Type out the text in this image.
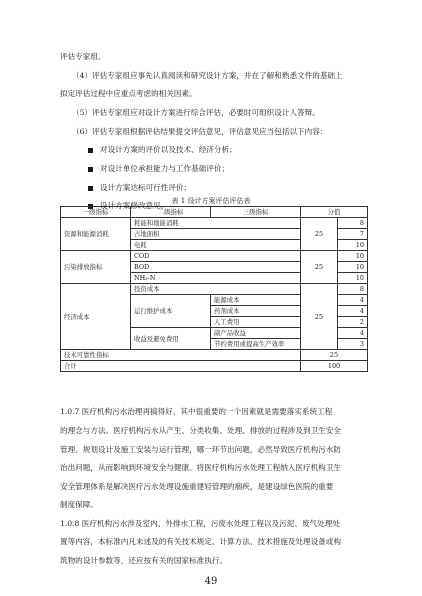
评估专家组。
（4）评估专家组应事先认真阅读和研究设计方案，并在了解和熟悉文件的基础上
拟定评估过程中应重点考虑的相关因素。
（5）评估专家组应对设计方案进行综合评估，必要时可组织设计人答辩。
（6）评估专家组根据评估结果提交评估意见，评估意见应当包括以下内容：
对设计方案的评价以及技术、经济分析；
对设计单位承担能力与工作基础评价；
设计方案达标可行性评价；
设计方案修改意见。 表 1 设计方案评估评估表
一级指标	二级指标	三级指标	分值	
资源和能源消耗	耗能和地能消耗		25	8
	占地面积			7
	电耗			10
污染排放指标	COD		25	10
	BOD			10
	NH₃-N			10
经济成本	投资成本		25	8
	运行维护成本	能源成本		4
		药剂成本		4
		人工费用		2
	收益及避免费用	副产品收益		4
		节约费用或提高生产效率		3
技术可靠性指标			25	
合计			100	
1.0.7 医疗机构污水治理再搞得好，其中很重要的一个因素就是需要落实系统工程
的理念与方法。医疗机构污水从产生、分类收集、处理、排放的过程涉及到卫生安全
管理、规划设计及施工安装与运行管理，哪一环节出问题，必然导致医疗机构污水防
治出问题，从而影响到环境安全与健康。将医疗机构污水处理工程纳入医疗机构卫生
安全管理体系是解决医疗污水处理设施重建轻管理的痼疾，是建设绿色医院的重要
制度保障。
1.0.8 医疗机构污水涉及室内、外排水工程，污废水处理工程以及污泥、废气处理处
置等内容，本标准内凡未述及的有关技术规定、计算方法、技术措施及处理设备或构
筑物的设计参数等，还应按有关的国家标准执行。
49
